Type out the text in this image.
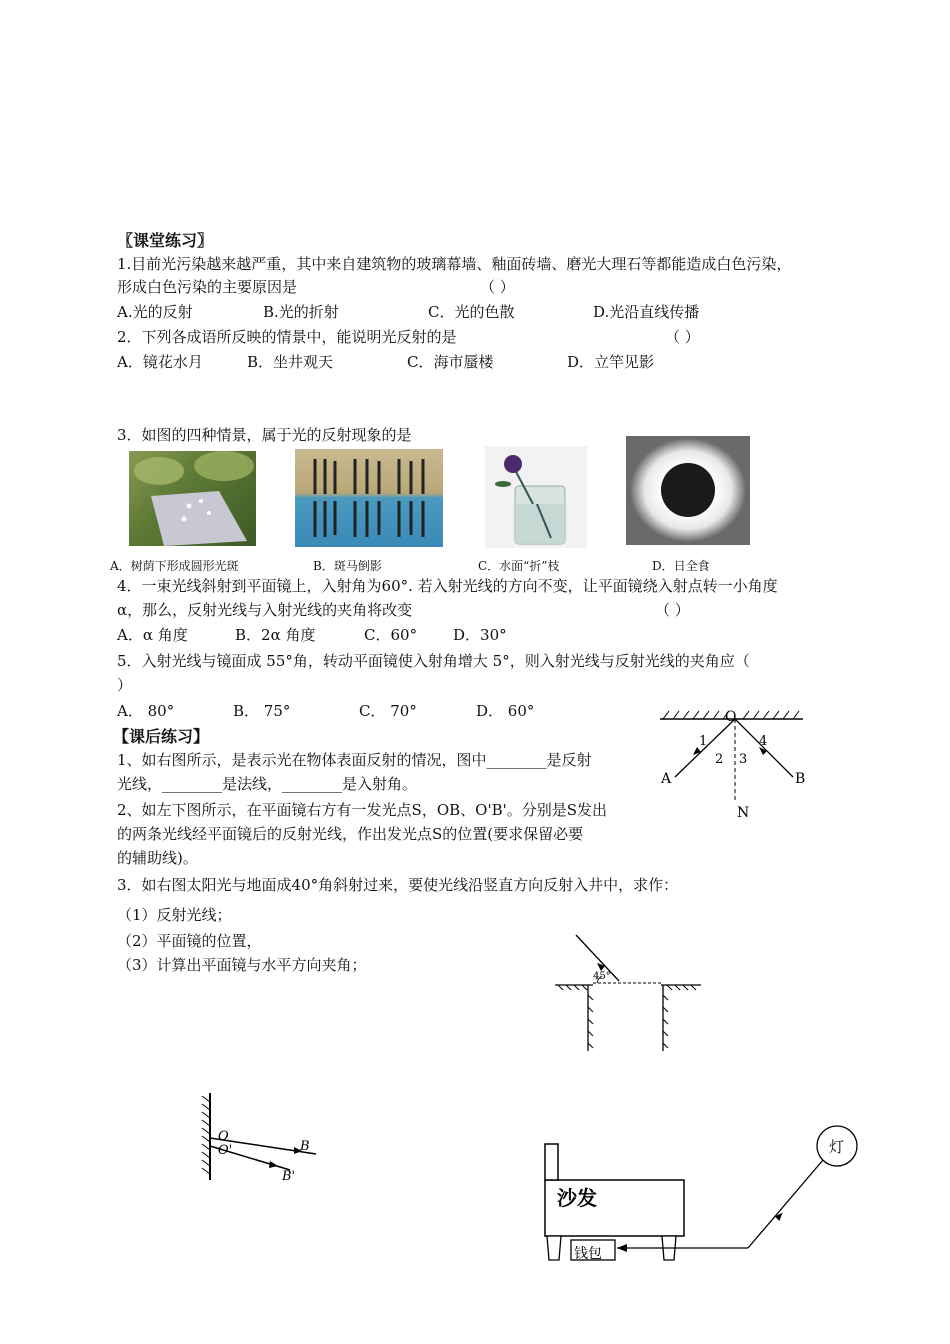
〖课堂练习〗
1.目前光污染越来越严重，其中来自建筑物的玻璃幕墙、釉面砖墙、磨光大理石等都能造成白色污染，
形成白色污染的主要原因是	（ ）
A.光的反射	B.光的折射	C．光的色散	D.光沿直线传播
2．下列各成语所反映的情景中，能说明光反射的是	（ ）
A．镜花水月	B．坐井观天	C．海市蜃楼	D．立竿见影
3．如图的四种情景，属于光的反射现象的是
A．树荫下形成圆形光斑	B．斑马倒影	C．水面“折”枝	D．日全食
4．一束光线斜射到平面镜上，入射角为60°. 若入射光线的方向不变，让平面镜绕入射点转一小角度
α，那么，反射光线与入射光线的夹角将改变	（ ）
A．α 角度	B．2α 角度	C．60° D．30°
5．入射光线与镜面成 55°角，转动平面镜使入射角增大 5°，则入射光线与反射光线的夹角应（
）
A． 80°	B． 75°	C． 70°	D． 60°
【课后练习】
1、如右图所示，是表示光在物体表面反射的情况，图中________是反射
光线，________是法线，________是入射角。
2、如左下图所示，在平面镜右方有一发光点S，OB、O'B'。分别是S发出
的两条光线经平面镜后的反射光线，作出发光点S的位置(要求保留必要
的辅助线)。
3．如右图太阳光与地面成40°角斜射过来，要使光线沿竖直方向反射入井中，求作：
（1）反射光线；
（2）平面镜的位置，
（3）计算出平面镜与水平方向夹角；
O
A	B
N
1
2 3
4
45°
O
O'	B
B'
沙发
钱包
灯
